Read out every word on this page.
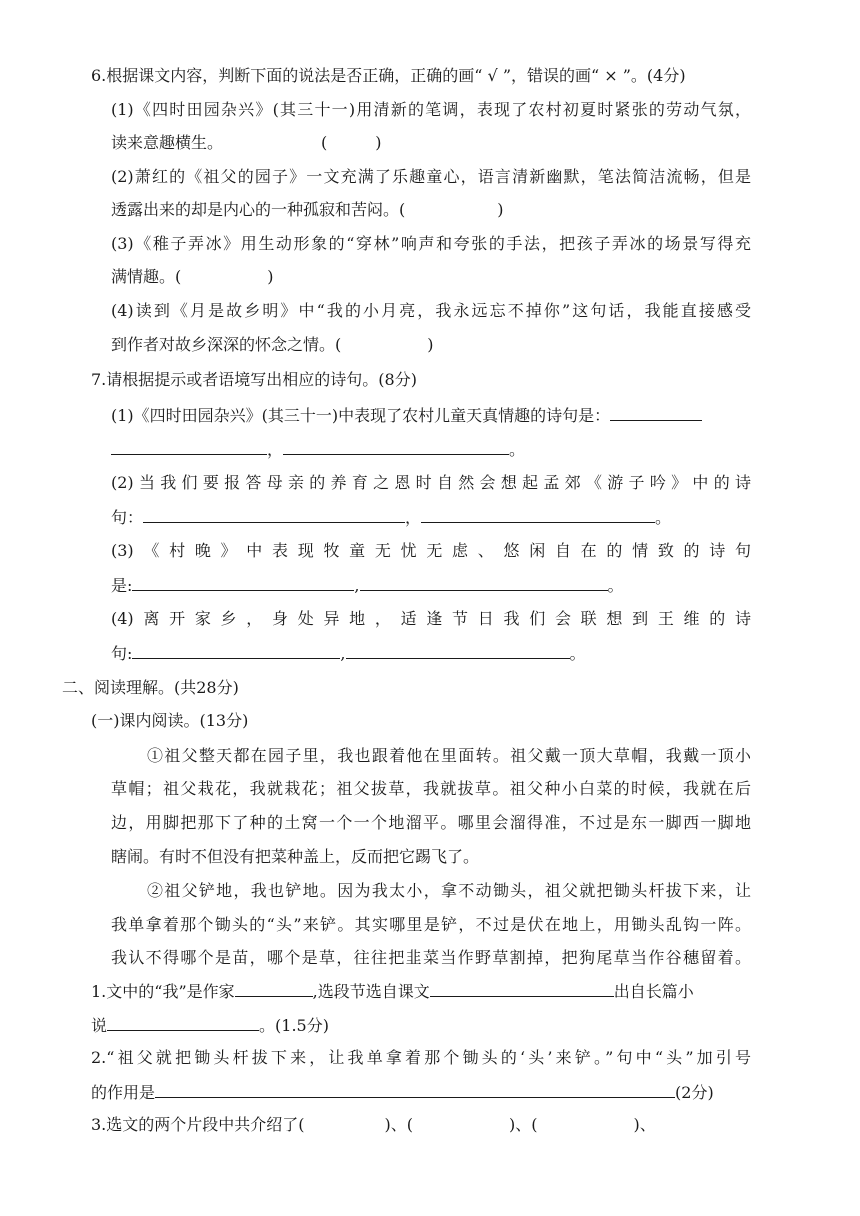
6.根据课文内容，判断下面的说法是否正确，正确的画“ √ ”，错误的画“ × ”。(4分)
(1)《四时田园杂兴》(其三十一)用清新的笔调，表现了农村初夏时紧张的劳动气氛，
读来意趣横生。	(	)
(2)萧红的《祖父的园子》一文充满了乐趣童心，语言清新幽默，笔法简洁流畅，但是
透露出来的却是内心的一种孤寂和苦闷。(	)
(3)《稚子弄冰》用生动形象的“穿林”响声和夸张的手法，把孩子弄冰的场景写得充
满情趣。(	)
(4)读到《月是故乡明》中“我的小月亮，我永远忘不掉你”这句话，我能直接感受
到作者对故乡深深的怀念之情。(	)
7.请根据提示或者语境写出相应的诗句。(8分)
(1)《四时田园杂兴》(其三十一)中表现了农村儿童天真情趣的诗句是：
，	。
(2)当我们要报答母亲的养育之恩时自然会想起孟郊《游子吟》中的诗
句：	，	。
(3)《村晚》中表现牧童无忧无虑、悠闲自在的情致的诗句
是:	,	。
(4)离开家乡，身处异地，适逢节日我们会联想到王维的诗
句:	,	。
二、阅读理解。(共28分)
(一)课内阅读。(13分)
①祖父整天都在园子里，我也跟着他在里面转。祖父戴一顶大草帽，我戴一顶小
草帽；祖父栽花，我就栽花；祖父拔草，我就拔草。祖父种小白菜的时候，我就在后
边，用脚把那下了种的土窝一个一个地溜平。哪里会溜得准，不过是东一脚西一脚地
瞎闹。有时不但没有把菜种盖上，反而把它踢飞了。
②祖父铲地，我也铲地。因为我太小，拿不动锄头，祖父就把锄头杆拔下来，让
我单拿着那个锄头的“头”来铲。其实哪里是铲，不过是伏在地上，用锄头乱钩一阵。
我认不得哪个是苗，哪个是草，往往把韭菜当作野草割掉，把狗尾草当作谷穗留着。
1.文中的“我”是作家	,选段节选自课文	出自长篇小
说	。(1.5分)
2.“祖父就把锄头杆拔下来，让我单拿着那个锄头的‘头’来铲。”句中“头”加引号
的作用是	(2分)
3.选文的两个片段中共介绍了(	)、(	)、(	)、
